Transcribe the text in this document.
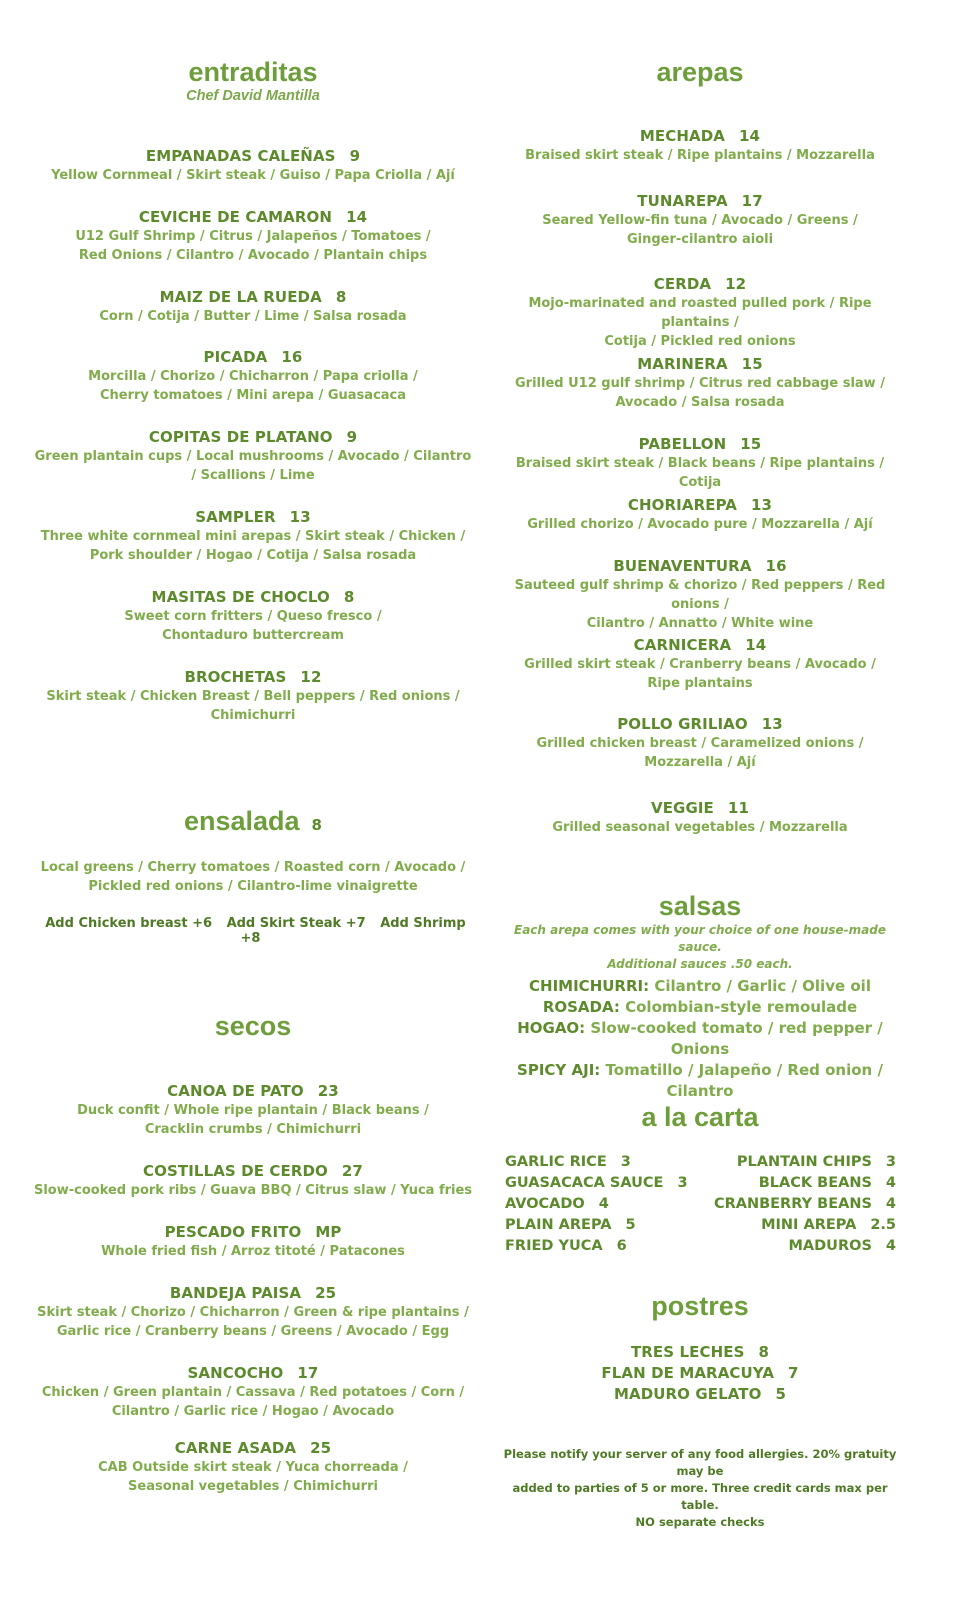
entraditas
Chef David Mantilla
EMPANADAS CALEÑAS 9
Yellow Cornmeal / Skirt steak / Guiso / Papa Criolla / Ají
CEVICHE DE CAMARON 14
U12 Gulf Shrimp / Citrus / Jalapeños / Tomatoes /
Red Onions / Cilantro / Avocado / Plantain chips
MAIZ DE LA RUEDA 8
Corn / Cotija / Butter / Lime / Salsa rosada
PICADA 16
Morcilla / Chorizo / Chicharron / Papa criolla /
Cherry tomatoes / Mini arepa / Guasacaca
COPITAS DE PLATANO 9
Green plantain cups / Local mushrooms / Avocado / Cilantro
/ Scallions / Lime
SAMPLER 13
Three white cornmeal mini arepas / Skirt steak / Chicken /
Pork shoulder / Hogao / Cotija / Salsa rosada
MASITAS DE CHOCLO 8
Sweet corn fritters / Queso fresco /
Chontaduro buttercream
BROCHETAS 12
Skirt steak / Chicken Breast / Bell peppers / Red onions /
Chimichurri
ensalada 8
Local greens / Cherry tomatoes / Roasted corn / Avocado /
Pickled red onions / Cilantro-lime vinaigrette
Add Chicken breast +6 Add Skirt Steak +7 Add Shrimp +8
secos
CANOA DE PATO 23
Duck confit / Whole ripe plantain / Black beans /
Cracklin crumbs / Chimichurri
COSTILLAS DE CERDO 27
Slow-cooked pork ribs / Guava BBQ / Citrus slaw / Yuca fries
PESCADO FRITO MP
Whole fried fish / Arroz titoté / Patacones
BANDEJA PAISA 25
Skirt steak / Chorizo / Chicharron / Green & ripe plantains /
Garlic rice / Cranberry beans / Greens / Avocado / Egg
SANCOCHO 17
Chicken / Green plantain / Cassava / Red potatoes / Corn /
Cilantro / Garlic rice / Hogao / Avocado
CARNE ASADA 25
CAB Outside skirt steak / Yuca chorreada /
Seasonal vegetables / Chimichurri
arepas
MECHADA 14
Braised skirt steak / Ripe plantains / Mozzarella
TUNAREPA 17
Seared Yellow-fin tuna / Avocado / Greens /
Ginger-cilantro aioli
CERDA 12
Mojo-marinated and roasted pulled pork / Ripe plantains /
Cotija / Pickled red onions
MARINERA 15
Grilled U12 gulf shrimp / Citrus red cabbage slaw /
Avocado / Salsa rosada
PABELLON 15
Braised skirt steak / Black beans / Ripe plantains / Cotija
CHORIAREPA 13
Grilled chorizo / Avocado pure / Mozzarella / Ají
BUENAVENTURA 16
Sauteed gulf shrimp & chorizo / Red peppers / Red onions /
Cilantro / Annatto / White wine
CARNICERA 14
Grilled skirt steak / Cranberry beans / Avocado /
Ripe plantains
POLLO GRILIAO 13
Grilled chicken breast / Caramelized onions /
Mozzarella / Ají
VEGGIE 11
Grilled seasonal vegetables / Mozzarella
salsas
Each arepa comes with your choice of one house-made sauce.
Additional sauces .50 each.
CHIMICHURRI: Cilantro / Garlic / Olive oil
ROSADA: Colombian-style remoulade
HOGAO: Slow-cooked tomato / red pepper / Onions
SPICY AJI: Tomatillo / Jalapeño / Red onion / Cilantro
a la carta
postres
TRES LECHES 8
FLAN DE MARACUYA 7
MADURO GELATO 5
Please notify your server of any food allergies. 20% gratuity may be
added to parties of 5 or more. Three credit cards max per table.
NO separate checks
GARLIC RICE 3
GUASACACA SAUCE 3
AVOCADO 4
PLAIN AREPA 5
FRIED YUCA 6
PLANTAIN CHIPS 3
BLACK BEANS 4
CRANBERRY BEANS 4
MINI AREPA 2.5
MADUROS 4
